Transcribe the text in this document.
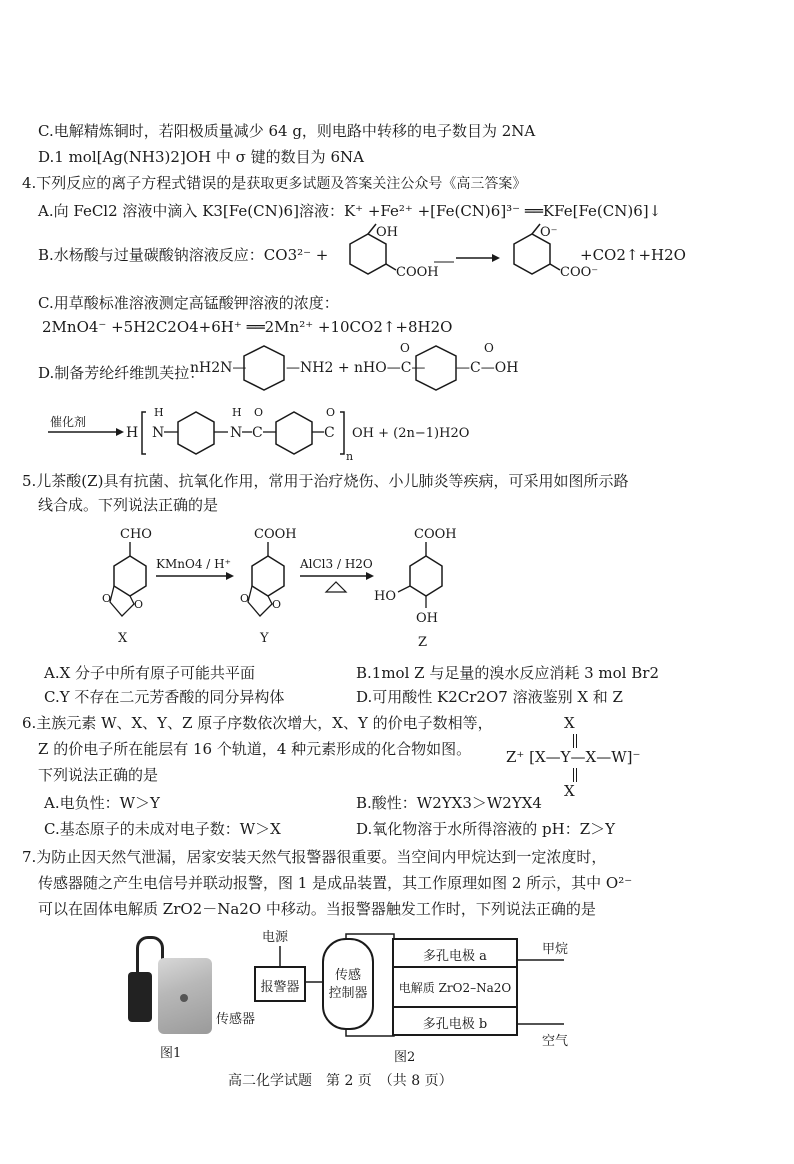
C.电解精炼铜时，若阳极质量减少 64 g，则电路中转移的电子数目为 2NA
D.1 mol[Ag(NH3)2]OH 中 σ 键的数目为 6NA
4.下列反应的离子方程式错误的是获取更多试题及答案关注公众号《高三答案》
A.向 FeCl2 溶液中滴入 K3[Fe(CN)6]溶液：K⁺ +Fe²⁺ +[Fe(CN)6]³⁻ ══KFe[Fe(CN)6]↓
B.水杨酸与过量碳酸钠溶液反应：CO3²⁻ +
OH
COOH
O⁻
COO⁻
+CO2↑+H2O
C.用草酸标准溶液测定高锰酸钾溶液的浓度：
2MnO4⁻ +5H2C2O4+6H⁺ ══2Mn²⁺ +10CO2↑+8H2O
D.制备芳纶纤维凯芙拉：
nH2N—	—NH2 + nHO—C—
O
—C—OH
O
催化剂
H
H
N
H
N C
O
C
O
n
OH + (2n−1)H2O
5.儿茶酸(Z)具有抗菌、抗氧化作用，常用于治疗烧伤、小儿肺炎等疾病，可采用如图所示路
线合成。下列说法正确的是
CHO
O O
X
KMnO4 / H⁺
COOH
O O
Y
AlCl3 / H2O
COOH
HO
OH
Z
A.X 分子中所有原子可能共平面	B.1mol Z 与足量的溴水反应消耗 3 mol Br2
C.Y 不存在二元芳香酸的同分异构体	D.可用酸性 K2Cr2O7 溶液鉴别 X 和 Z
6.主族元素 W、X、Y、Z 原子序数依次增大，X、Y 的价电子数相等，
Z 的价电子所在能层有 16 个轨道，4 种元素形成的化合物如图。
下列说法正确的是
X
Z⁺ [X—Y—X—W]⁻
X
A.电负性：W＞Y	B.酸性：W2YX3＞W2YX4
C.基态原子的未成对电子数：W＞X	D.氧化物溶于水所得溶液的 pH：Z＞Y
7.为防止因天然气泄漏，居家安装天然气报警器很重要。当空间内甲烷达到一定浓度时，
传感器随之产生电信号并联动报警，图 1 是成品装置，其工作原理如图 2 所示，其中 O²⁻
可以在固体电解质 ZrO2－Na2O 中移动。当报警器触发工作时，下列说法正确的是
传感器
图1
电源
报警器
传感
控制器
多孔电极 a
电解质 ZrO2–Na2O
多孔电极 b
甲烷
空气
图2
高二化学试题　第 2 页　（共 8 页）
